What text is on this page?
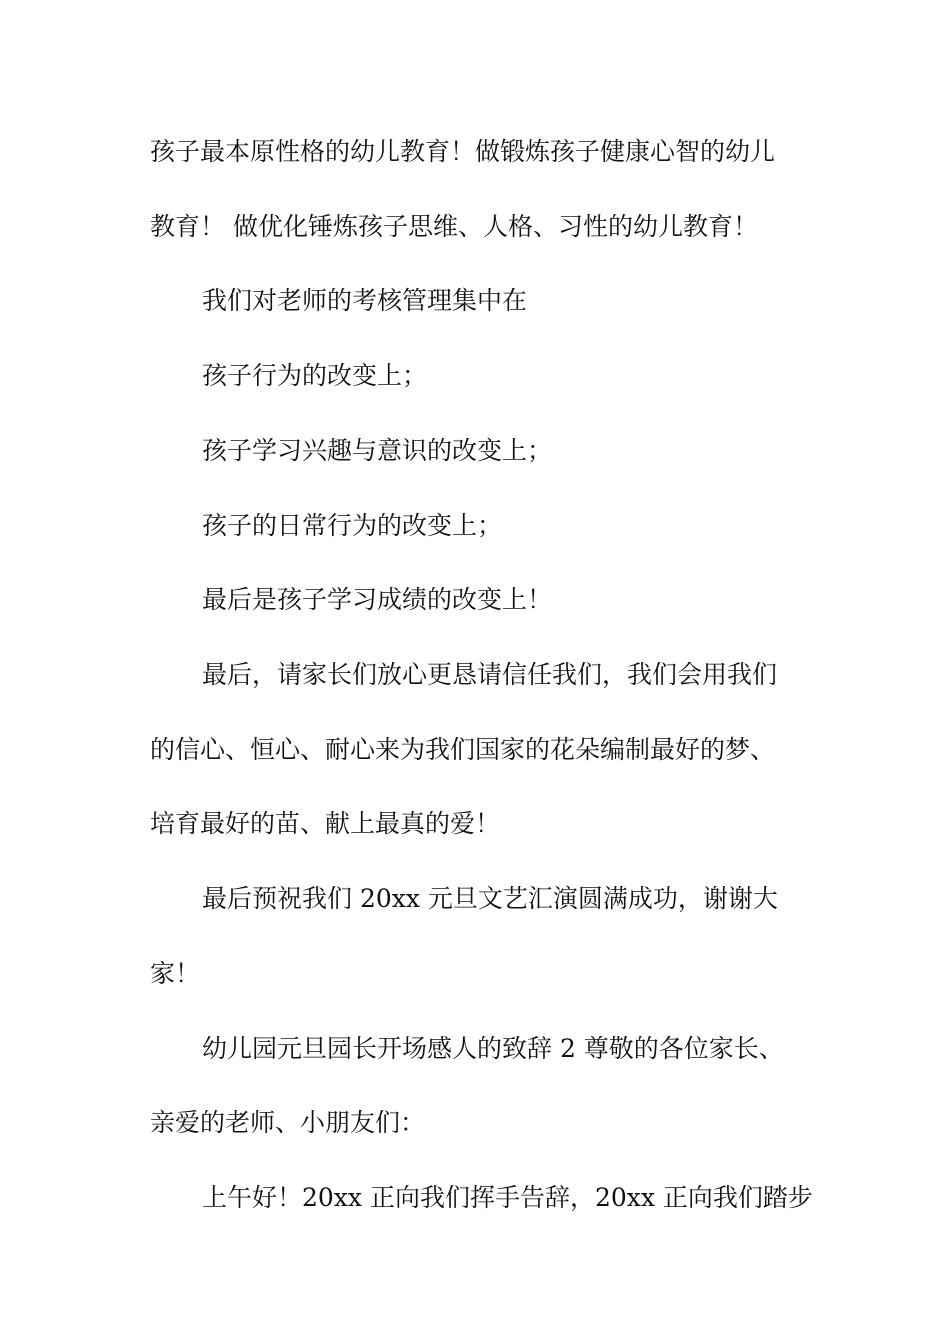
孩子最本原性格的幼儿教育！做锻炼孩子健康心智的幼儿
教育！ 做优化锤炼孩子思维、人格、习性的幼儿教育！
我们对老师的考核管理集中在
孩子行为的改变上；
孩子学习兴趣与意识的改变上；
孩子的日常行为的改变上；
最后是孩子学习成绩的改变上！
最后，请家长们放心更恳请信任我们，我们会用我们
的信心、恒心、耐心来为我们国家的花朵编制最好的梦、
培育最好的苗、献上最真的爱！
最后预祝我们 20xx 元旦文艺汇演圆满成功，谢谢大
家！
幼儿园元旦园长开场感人的致辞 2 尊敬的各位家长、
亲爱的老师、小朋友们：
上午好！20xx 正向我们挥手告辞，20xx 正向我们踏步
